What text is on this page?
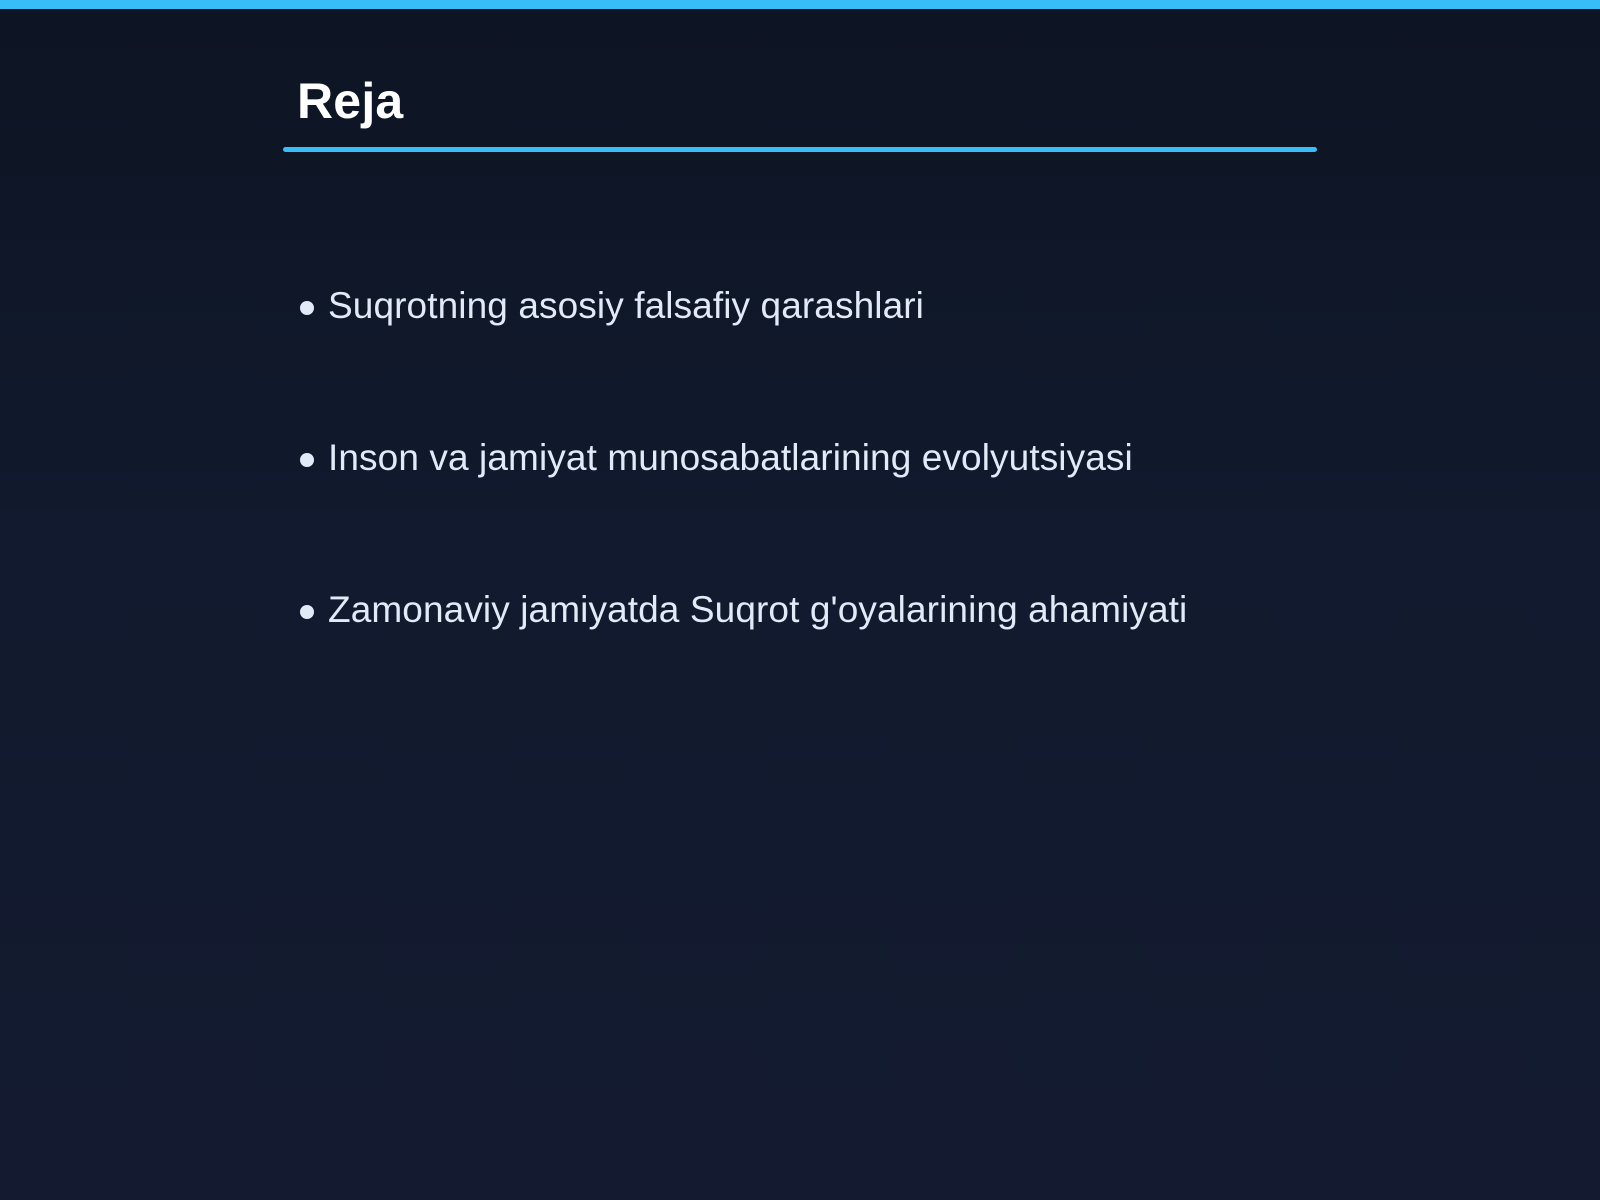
Reja
Suqrotning asosiy falsafiy qarashlari
Inson va jamiyat munosabatlarining evolyutsiyasi
Zamonaviy jamiyatda Suqrot g'oyalarining ahamiyati
